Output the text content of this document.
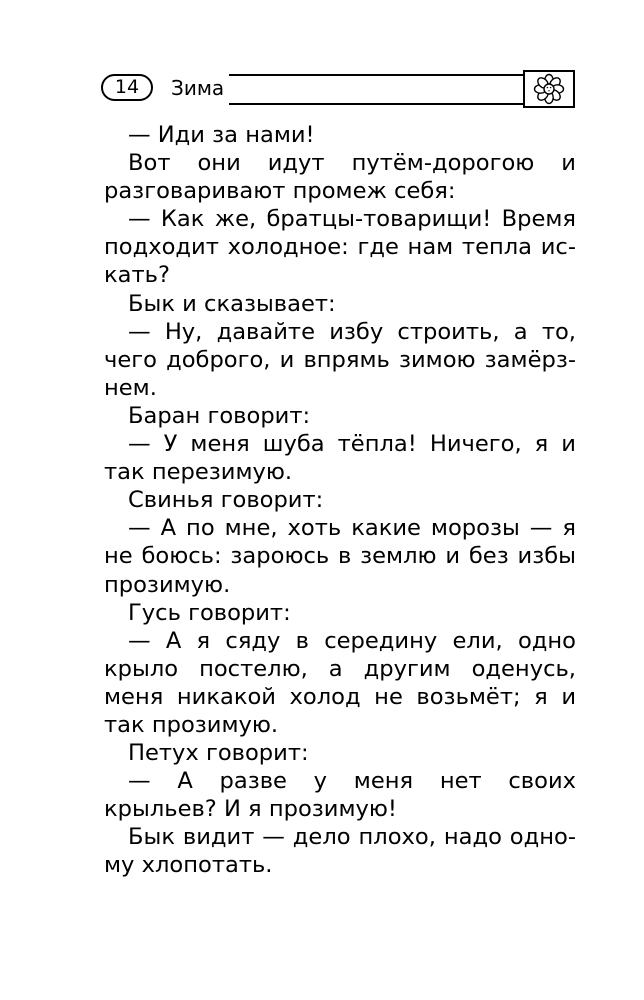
14	Зима

— Иди за нами!

Вот они идут путём-дорогою и разговаривают промеж себя:

— Как же, братцы-товарищи! Время подходит холодное: где нам тепла искать?

Бык и сказывает:

— Ну, давайте избу строить, а то, чего доброго, и впрямь зимою замёрзнем.

Баран говорит:

— У меня шуба тёпла! Ничего, я и так перезимую.

Свинья говорит:

— А по мне, хоть какие морозы — я не боюсь: зароюсь в землю и без избы прозимую.

Гусь говорит:

— А я сяду в середину ели, одно крыло постелю, а другим оденусь, меня никакой холод не возьмёт; я и так прозимую.

Петух говорит:

— А разве у меня нет своих крыльев? И я прозимую!

Бык видит — дело плохо, надо одному хлопотать.
